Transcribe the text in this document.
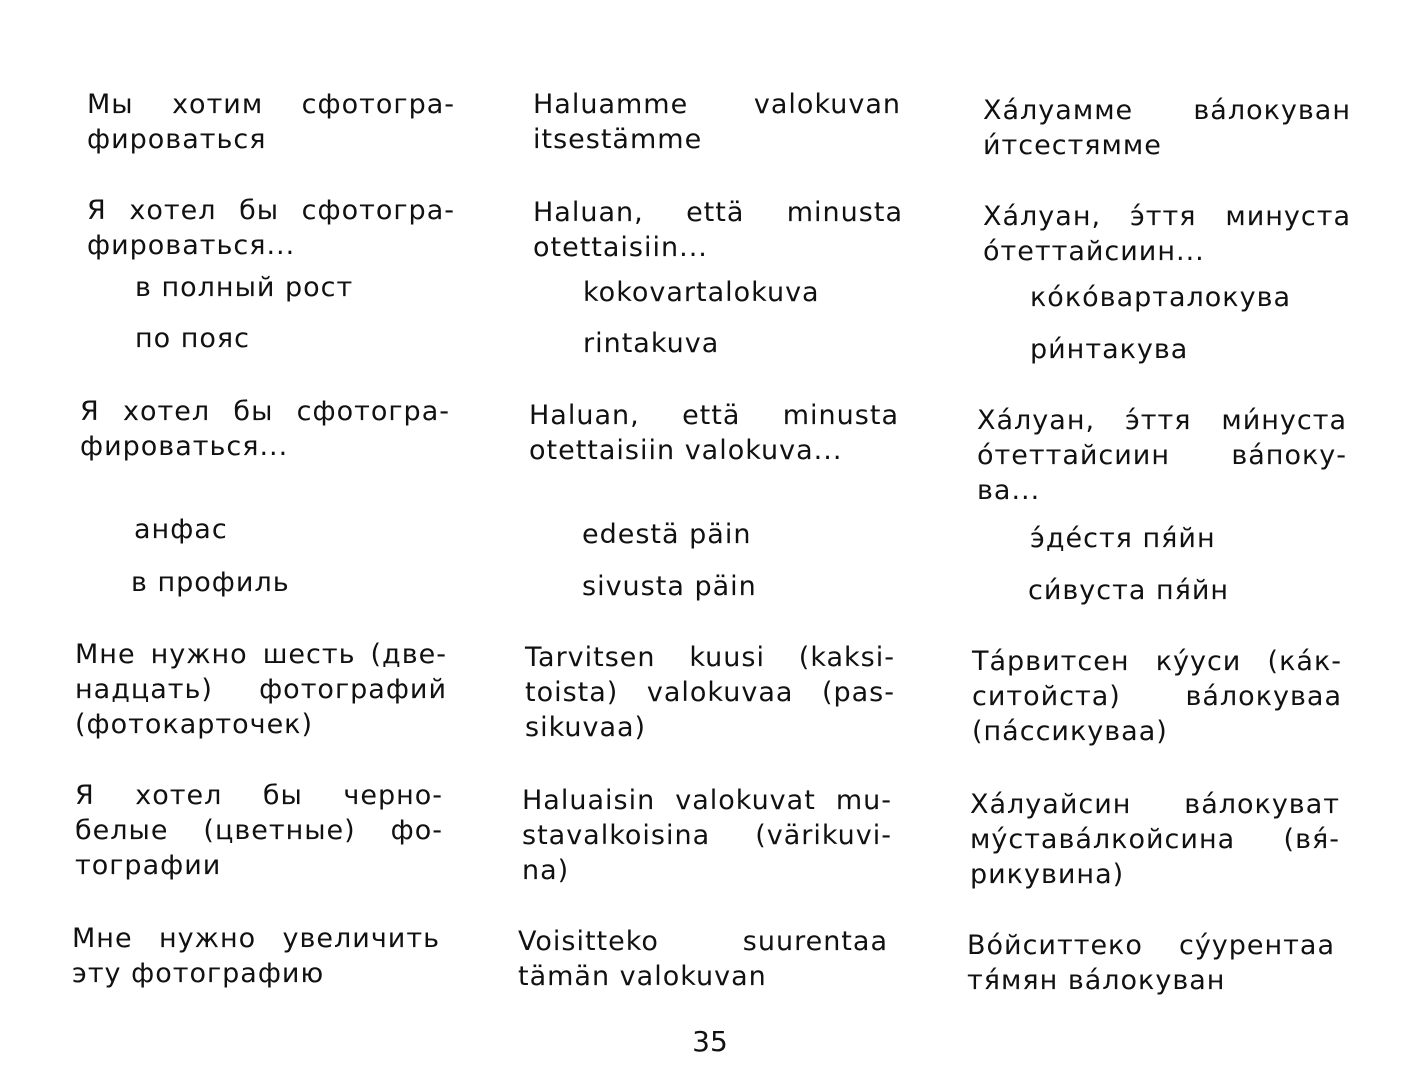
Мы хотим сфотогра-
фироваться
Я хотел бы сфотогра-
фироваться...
в полный рост
по пояс
Я хотел бы сфотогра-
фироваться...
анфас
в профиль
Мне нужно шесть (две-
надцать) фотографий
(фотокарточек)
Я хотел бы черно-
белые (цветные) фо-
тографии
Мне нужно увеличить
эту фотографию
Haluamme valokuvan
itsestämme
Haluan, että minusta
otettaisiin...
kokovartalokuva
rintakuva
Haluan, että minusta
otettaisiin valokuva...
edestä päin
sivusta päin
Tarvitsen kuusi (kaksi-
toista) valokuvaa (pas-
sikuvaa)
Haluaisin valokuvat mu-
stavalkoisina (värikuvi-
na)
Voisitteko suurentaa
tämän valokuvan
Ха́луамме ва́локуван
и́тсестямме
Ха́луан, э́ття минуста
о́теттайсиин...
ко́ко́варталокува
ри́нтакува
Ха́луан, э́ття ми́нуста
о́теттайсиин ва́поку-
ва...
э́де́стя пя́йн
си́вуста пя́йн
Та́рвитсен ку́уси (ка́к-
ситойста) ва́локуваа
(па́ссикуваа)
Ха́луайсин ва́локуват
му́става́лкойсина (вя́-
рикувина)
Во́йситтеко су́урентаа
тя́мян ва́локуван
35
